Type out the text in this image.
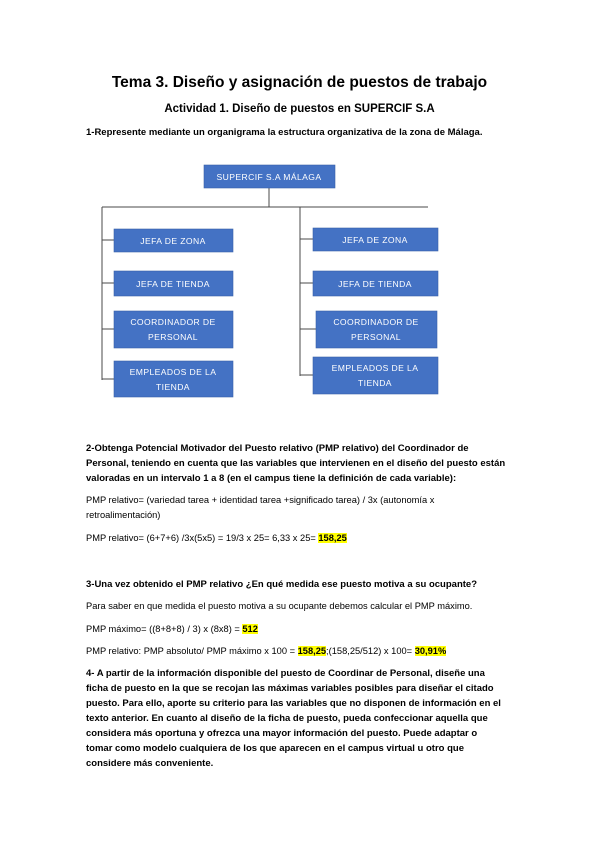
Tema 3. Diseño y asignación de puestos de trabajo
Actividad 1. Diseño de puestos en SUPERCIF S.A
1-Represente mediante un organigrama la estructura organizativa de la zona de Málaga.
SUPERCIF S.A MÁLAGA
JEFA DE ZONA	JEFA DE ZONA
JEFA DE TIENDA	JEFA DE TIENDA
COORDINADOR DE
PERSONAL
COORDINADOR DE
PERSONAL
EMPLEADOS DE LA
TIENDA
EMPLEADOS DE LA
TIENDA
2-Obtenga Potencial Motivador del Puesto relativo (PMP relativo) del Coordinador de
Personal, teniendo en cuenta que las variables que intervienen en el diseño del puesto están
valoradas en un intervalo 1 a 8 (en el campus tiene la definición de cada variable):
PMP relativo= (variedad tarea + identidad tarea +significado tarea) / 3x (autonomía x
retroalimentación)
PMP relativo= (6+7+6) /3x(5x5) = 19/3 x 25= 6,33 x 25= 158,25
3-Una vez obtenido el PMP relativo ¿En qué medida ese puesto motiva a su ocupante?
Para saber en que medida el puesto motiva a su ocupante debemos calcular el PMP máximo.
PMP máximo= ((8+8+8) / 3) x (8x8) = 512
PMP relativo: PMP absoluto/ PMP máximo x 100 = 158,25;(158,25/512) x 100= 30,91%
4- A partir de la información disponible del puesto de Coordinar de Personal, diseñe una
ficha de puesto en la que se recojan las máximas variables posibles para diseñar el citado
puesto. Para ello, aporte su criterio para las variables que no disponen de información en el
texto anterior. En cuanto al diseño de la ficha de puesto, pueda confeccionar aquella que
considera más oportuna y ofrezca una mayor información del puesto. Puede adaptar o
tomar como modelo cualquiera de los que aparecen en el campus virtual u otro que
considere más conveniente.
